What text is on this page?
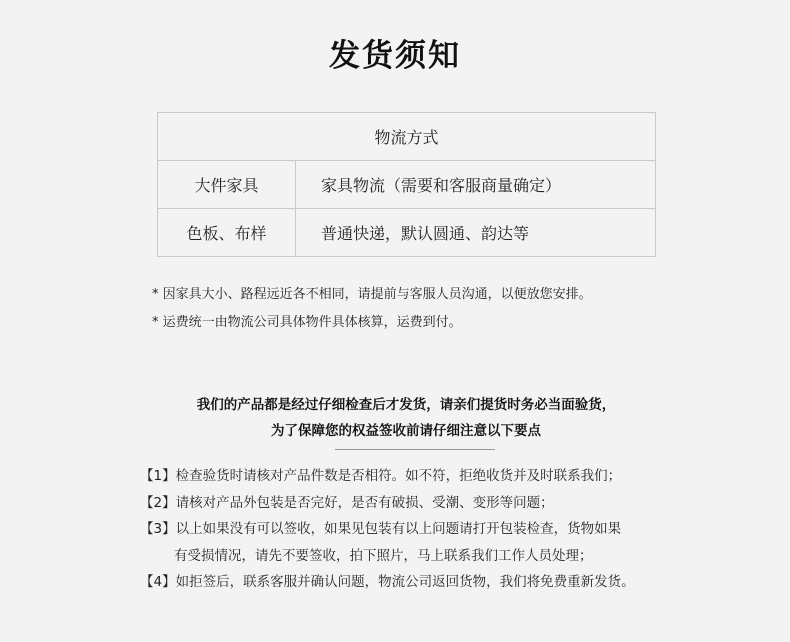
发货须知
物流方式	
大件家具	家具物流（需要和客服商量确定）
色板、布样	普通快递，默认圆通、韵达等
* 因家具大小、路程远近各不相同，请提前与客服人员沟通，以便放您安排。
* 运费统一由物流公司具体物件具体核算，运费到付。
我们的产品都是经过仔细检查后才发货，请亲们提货时务必当面验货，
为了保障您的权益签收前请仔细注意以下要点
【1】检查验货时请核对产品件数是否相符。如不符，拒绝收货并及时联系我们；
【2】请核对产品外包装是否完好，是否有破损、受潮、变形等问题；
【3】以上如果没有可以签收，如果见包装有以上问题请打开包装检查，货物如果
有受损情况，请先不要签收，拍下照片，马上联系我们工作人员处理；
【4】如拒签后，联系客服并确认问题，物流公司返回货物，我们将免费重新发货。
